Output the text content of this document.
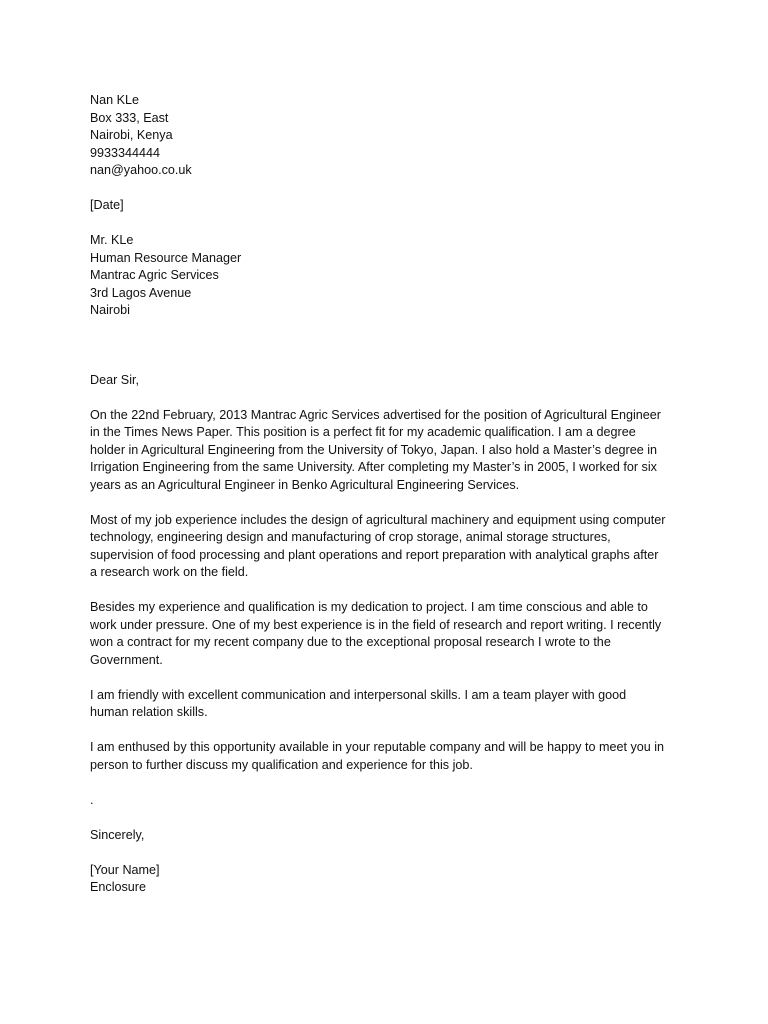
Nan KLe
Box 333, East
Nairobi, Kenya
9933344444
nan@yahoo.co.uk
[Date]
Mr. KLe
Human Resource Manager
Mantrac Agric Services
3rd Lagos Avenue
Nairobi
Dear Sir,
On the 22nd February, 2013 Mantrac Agric Services advertised for the position of Agricultural Engineer
in the Times News Paper. This position is a perfect fit for my academic qualification. I am a degree
holder in Agricultural Engineering from the University of Tokyo, Japan. I also hold a Master’s degree in
Irrigation Engineering from the same University. After completing my Master’s in 2005, I worked for six
years as an Agricultural Engineer in Benko Agricultural Engineering Services.
Most of my job experience includes the design of agricultural machinery and equipment using computer
technology, engineering design and manufacturing of crop storage, animal storage structures,
supervision of food processing and plant operations and report preparation with analytical graphs after
a research work on the field.
Besides my experience and qualification is my dedication to project. I am time conscious and able to
work under pressure. One of my best experience is in the field of research and report writing. I recently
won a contract for my recent company due to the exceptional proposal research I wrote to the
Government.
I am friendly with excellent communication and interpersonal skills. I am a team player with good
human relation skills.
I am enthused by this opportunity available in your reputable company and will be happy to meet you in
person to further discuss my qualification and experience for this job.
.
Sincerely,
[Your Name]
Enclosure
